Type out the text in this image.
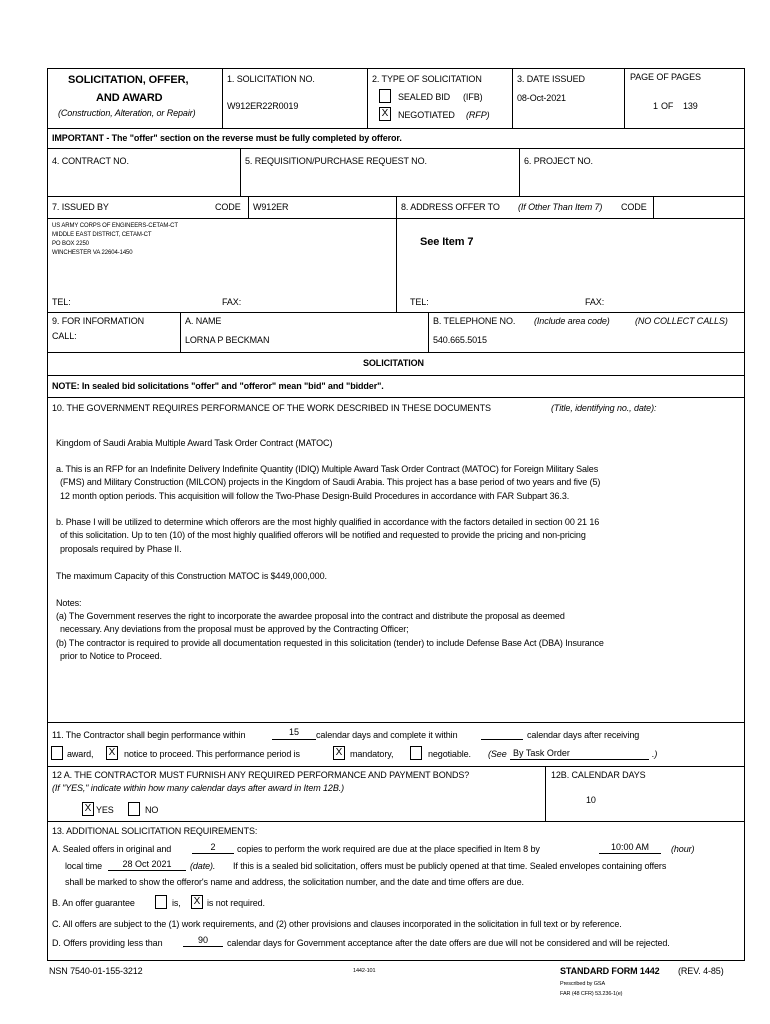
SOLICITATION, OFFER,
AND AWARD
(Construction, Alteration, or Repair)
1. SOLICITATION NO.
W912ER22R0019
2. TYPE OF SOLICITATION
SEALED BID (IFB)
X NEGOTIATED (RFP)
3. DATE ISSUED
08-Oct-2021
PAGE OF PAGES
1 OF 139
IMPORTANT - The "offer" section on the reverse must be fully completed by offeror.
4. CONTRACT NO.	5. REQUISITION/PURCHASE REQUEST NO.	6. PROJECT NO.
7. ISSUED BY	CODE W912ER
US ARMY CORPS OF ENGINEERS-CETAM-CT
MIDDLE EAST DISTRICT, CETAM-CT
PO BOX 2250
WINCHESTER VA 22604-1450
8. ADDRESS OFFER TO (If Other Than Item 7) CODE
See Item 7
TEL:	FAX:	TEL:	FAX:
9. FOR INFORMATION
CALL:
A. NAME
LORNA P BECKMAN
B. TELEPHONE NO. (Include area code)	(NO COLLECT CALLS)
540.665.5015
SOLICITATION
NOTE: In sealed bid solicitations "offer" and "offeror" mean "bid" and "bidder".
10. THE GOVERNMENT REQUIRES PERFORMANCE OF THE WORK DESCRIBED IN THESE DOCUMENTS	(Title, identifying no., date):
Kingdom of Saudi Arabia Multiple Award Task Order Contract (MATOC)
a. This is an RFP for an Indefinite Delivery Indefinite Quantity (IDIQ) Multiple Award Task Order Contract (MATOC) for Foreign Military Sales
(FMS) and Military Construction (MILCON) projects in the Kingdom of Saudi Arabia. This project has a base period of two years and five (5)
12 month option periods. This acquisition will follow the Two-Phase Design-Build Procedures in accordance with FAR Subpart 36.3.
b. Phase I will be utilized to determine which offerors are the most highly qualified in accordance with the factors detailed in section 00 21 16
of this solicitation. Up to ten (10) of the most highly qualified offerors will be notified and requested to provide the pricing and non-pricing
proposals required by Phase II.
The maximum Capacity of this Construction MATOC is $449,000,000.
Notes:
(a) The Government reserves the right to incorporate the awardee proposal into the contract and distribute the proposal as deemed
necessary. Any deviations from the proposal must be approved by the Contracting Officer;
(b) The contractor is required to provide all documentation requested in this solicitation (tender) to include Defense Base Act (DBA) Insurance
prior to Notice to Proceed.
11. The Contractor shall begin performance within	15	calendar days and complete it within	calendar days after receiving
award, X notice to proceed. This performance period is	X mandatory,	negotiable. (See By Task Order	.)
12 A. THE CONTRACTOR MUST FURNISH ANY REQUIRED PERFORMANCE AND PAYMENT BONDS?
(If "YES," indicate within how many calendar days after award in Item 12B.)
X YES	NO
12B. CALENDAR DAYS
10
13. ADDITIONAL SOLICITATION REQUIREMENTS:
A. Sealed offers in original and	2	copies to perform the work required are due at the place specified in Item 8 by	10:00 AM	(hour)
local time	28 Oct 2021	(date). If this is a sealed bid solicitation, offers must be publicly opened at that time. Sealed envelopes containing offers
shall be marked to show the offeror's name and address, the solicitation number, and the date and time offers are due.
B. An offer guarantee	is, X is not required.
C. All offers are subject to the (1) work requirements, and (2) other provisions and clauses incorporated in the solicitation in full text or by reference.
D. Offers providing less than	90	calendar days for Government acceptance after the date offers are due will not be considered and will be rejected.
NSN 7540-01-155-3212	1442-101	STANDARD FORM 1442 (REV. 4-85)
Prescribed by GSA
FAR (48 CFR) 53.236-1(e)
